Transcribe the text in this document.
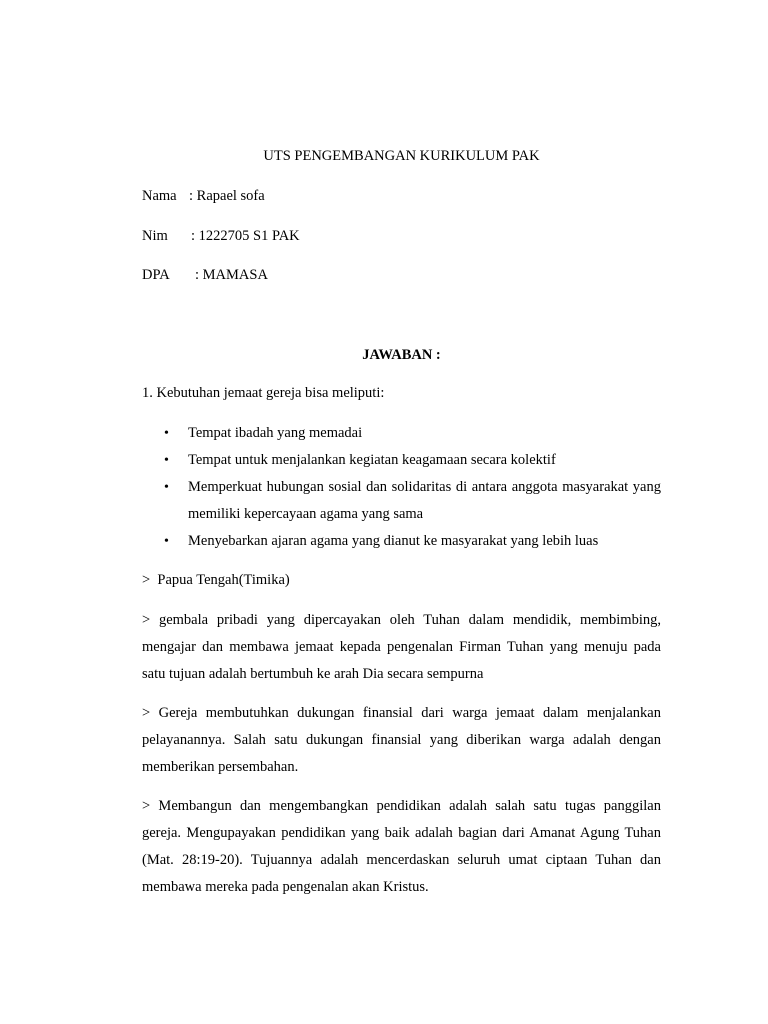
UTS PENGEMBANGAN KURIKULUM PAK
Nama : Rapael sofa
Nim : 1222705 S1 PAK
DPA : MAMASA
JAWABAN :

1. Kebutuhan jemaat gereja bisa meliputi:

• Tempat ibadah yang memadai
• Tempat untuk menjalankan kegiatan keagamaan secara kolektif
• Memperkuat hubungan sosial dan solidaritas di antara anggota masyarakat yang memiliki kepercayaan agama yang sama
• Menyebarkan ajaran agama yang dianut ke masyarakat yang lebih luas

>  Papua Tengah(Timika)

> gembala pribadi yang dipercayakan oleh Tuhan dalam mendidik, membimbing, mengajar dan membawa jemaat kepada pengenalan Firman Tuhan yang menuju pada satu tujuan adalah bertumbuh ke arah Dia secara sempurna

> Gereja membutuhkan dukungan finansial dari warga jemaat dalam menjalankan pelayanannya. Salah satu dukungan finansial yang diberikan warga adalah dengan memberikan persembahan.

> Membangun dan mengembangkan pendidikan adalah salah satu tugas panggilan gereja. Mengupayakan pendidikan yang baik adalah bagian dari Amanat Agung Tuhan (Mat. 28:19-20). Tujuannya adalah mencerdaskan seluruh umat ciptaan Tuhan dan membawa mereka pada pengenalan akan Kristus.
